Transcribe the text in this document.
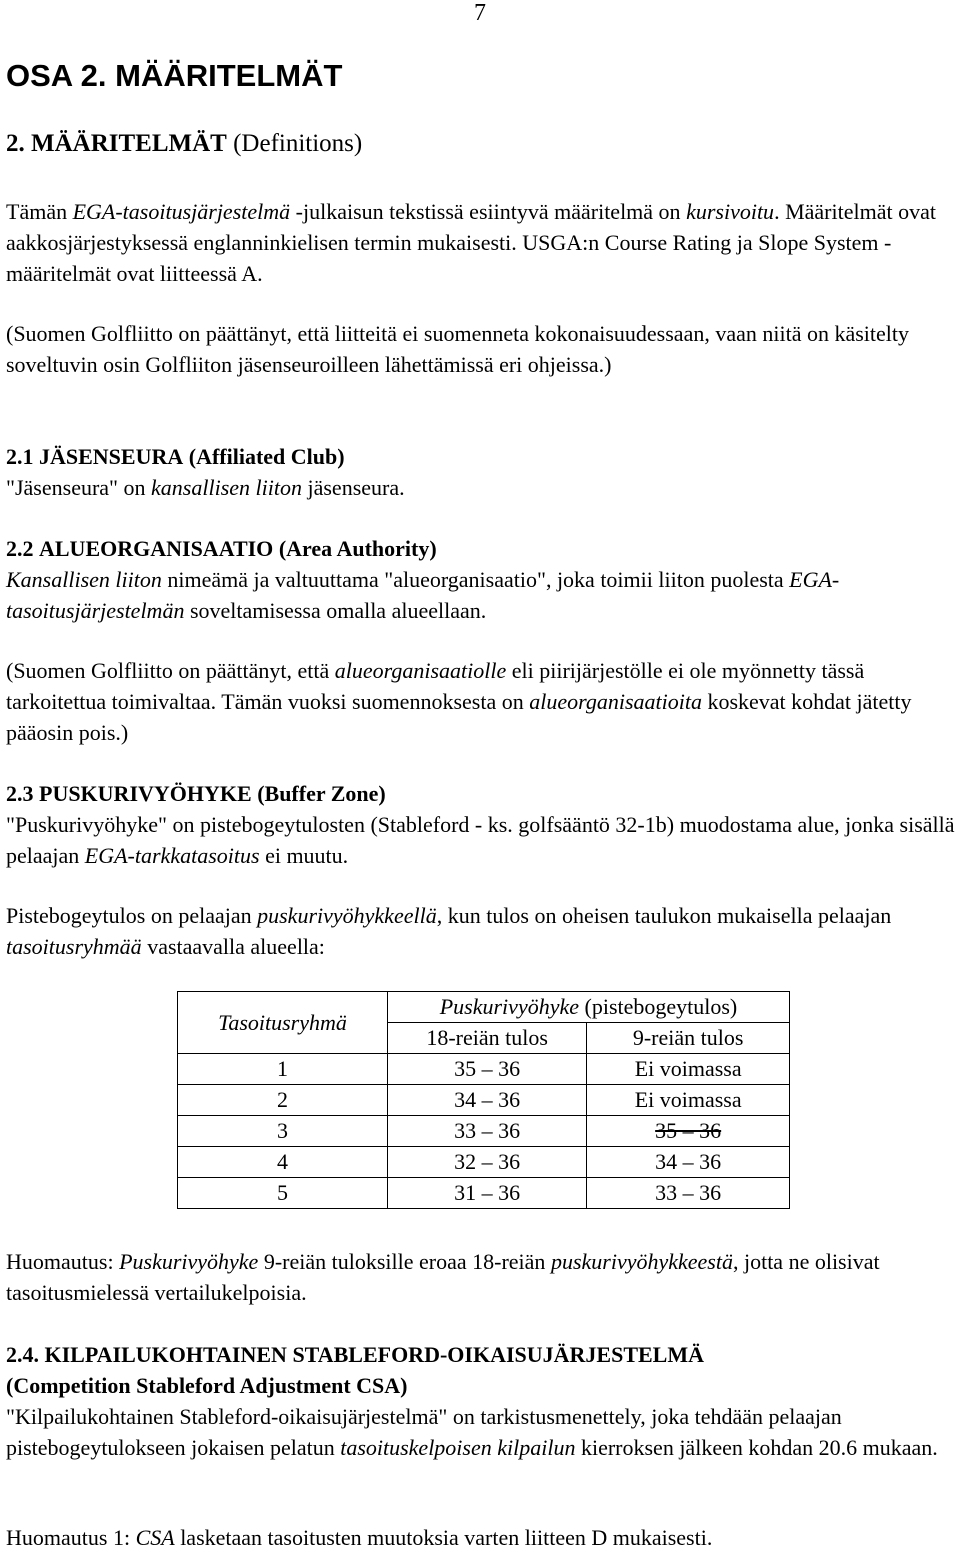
7
OSA 2. MÄÄRITELMÄT
2. MÄÄRITELMÄT (Definitions)

Tämän EGA-tasoitusjärjestelmä -julkaisun tekstissä esiintyvä määritelmä on kursivoitu. Määritelmät ovat aakkosjärjestyksessä englanninkielisen termin mukaisesti. USGA:n Course Rating ja Slope System -määritelmät ovat liitteessä A.

(Suomen Golfliitto on päättänyt, että liitteitä ei suomenneta kokonaisuudessaan, vaan niitä on käsitelty soveltuvin osin Golfliiton jäsenseuroilleen lähettämissä eri ohjeissa.)

2.1 JÄSENSEURA (Affiliated Club)
"Jäsenseura" on kansallisen liiton jäsenseura.

2.2 ALUEORGANISAATIO (Area Authority)
Kansallisen liiton nimeämä ja valtuuttama "alueorganisaatio", joka toimii liiton puolesta EGA- tasoitusjärjestelmän soveltamisessa omalla alueellaan.

(Suomen Golfliitto on päättänyt, että alueorganisaatiolle eli piirijärjestölle ei ole myönnetty tässä tarkoitettua toimivaltaa. Tämän vuoksi suomennoksesta on alueorganisaatioita koskevat kohdat jätetty pääosin pois.)

2.3 PUSKURIVYÖHYKE (Buffer Zone)
"Puskurivyöhyke" on pistebogeytulosten (Stableford - ks. golfsääntö 32-1b) muodostama alue, jonka sisällä pelaajan EGA-tarkkatasoitus ei muutu.

Pistebogeytulos on pelaajan puskurivyöhykkeellä, kun tulos on oheisen taulukon mukaisella pelaajan tasoitusryhmää vastaavalla alueella:

Tasoitusryhmä	Puskurivyöhyke (pistebogeytulos)	
	18-reiän tulos	9-reiän tulos
1	35 – 36	Ei voimassa
2	34 – 36	Ei voimassa
3	33 – 36	35 – 36
4	32 – 36	34 – 36
5	31 – 36	33 – 36

Huomautus: Puskurivyöhyke 9-reiän tuloksille eroaa 18-reiän puskurivyöhykkeestä, jotta ne olisivat tasoitusmielessä vertailukelpoisia.

2.4. KILPAILUKOHTAINEN STABLEFORD-OIKAISUJÄRJESTELMÄ
(Competition Stableford Adjustment CSA)
"Kilpailukohtainen Stableford-oikaisujärjestelmä" on tarkistusmenettely, joka tehdään pelaajan pistebogeytulokseen jokaisen pelatun tasoituskelpoisen kilpailun kierroksen jälkeen kohdan 20.6 mukaan.

Huomautus 1: CSA lasketaan tasoitusten muutoksia varten liitteen D mukaisesti.
